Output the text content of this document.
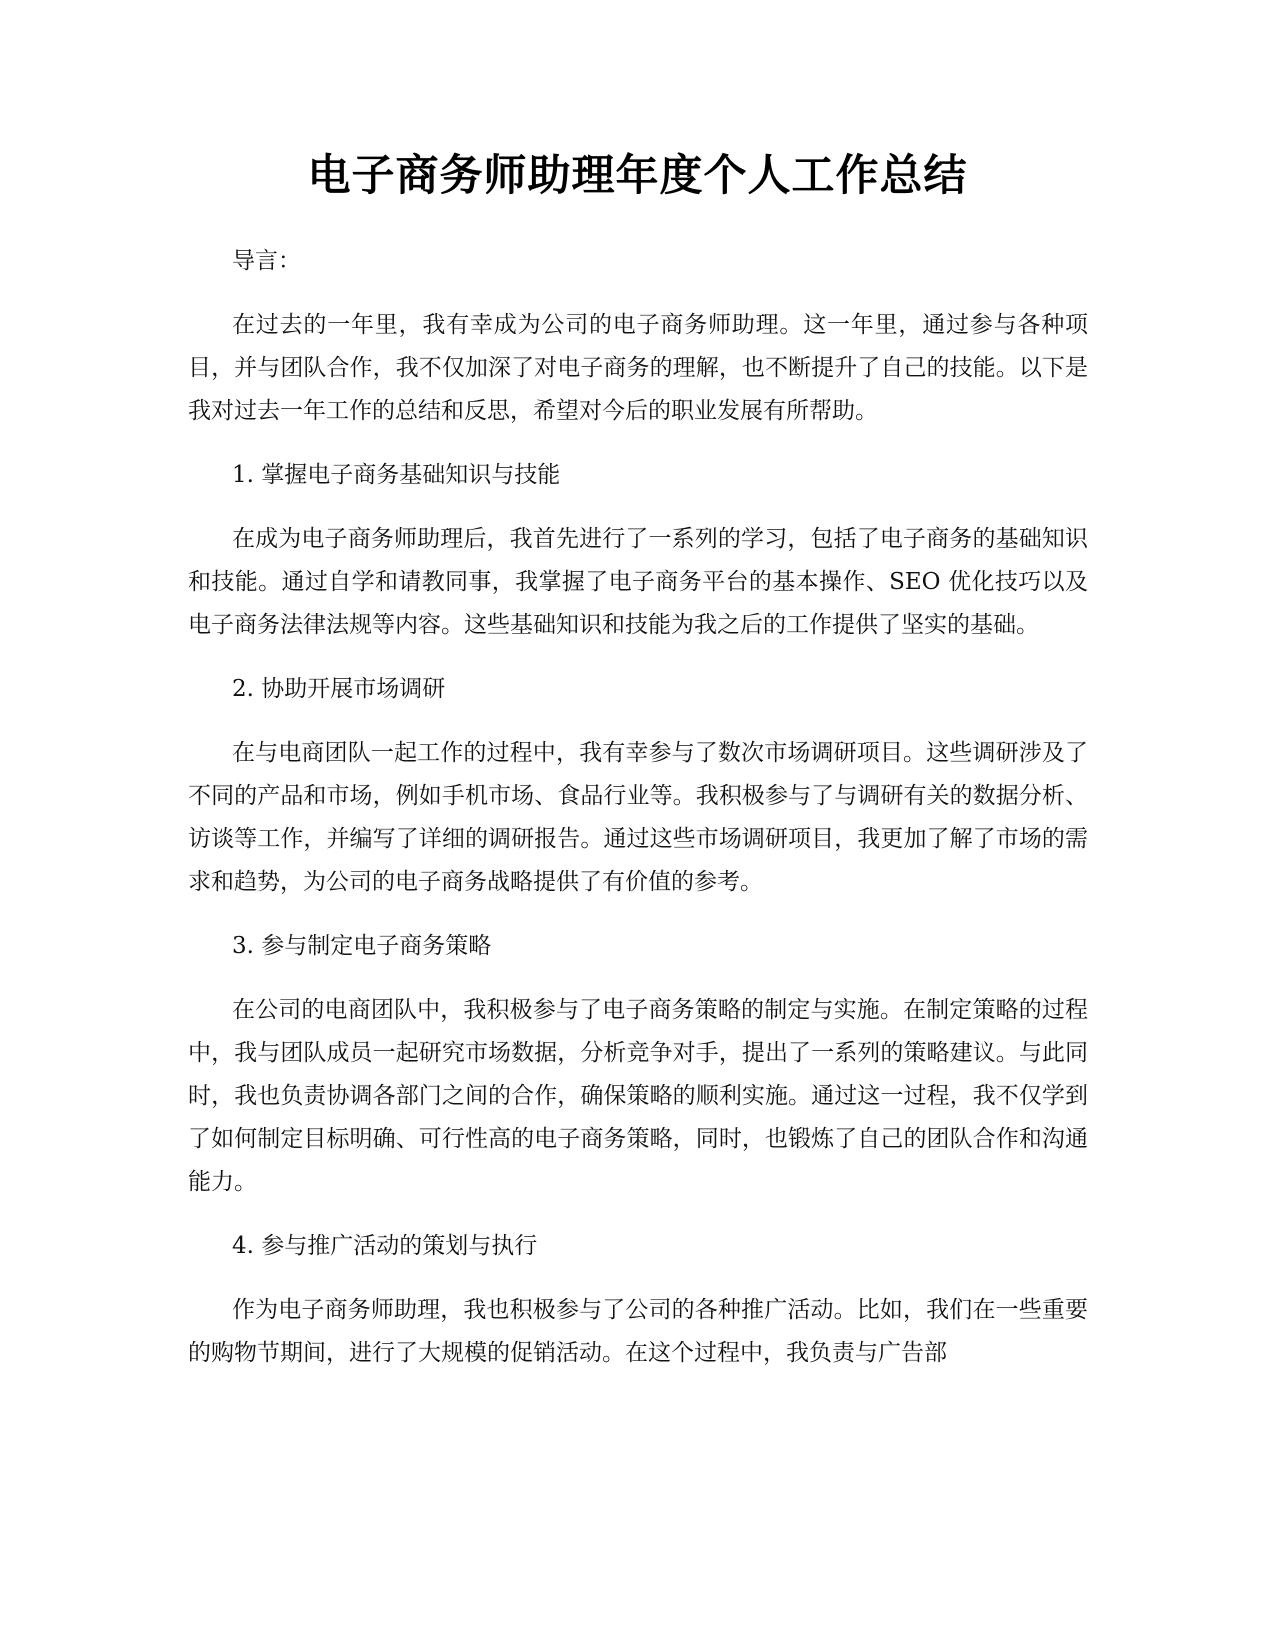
电子商务师助理年度个人工作总结

导言：

在过去的一年里，我有幸成为公司的电子商务师助理。这一年里，通过参与各种项目，并与团队合作，我不仅加深了对电子商务的理解，也不断提升了自己的技能。以下是我对过去一年工作的总结和反思，希望对今后的职业发展有所帮助。

1. 掌握电子商务基础知识与技能

在成为电子商务师助理后，我首先进行了一系列的学习，包括了电子商务的基础知识和技能。通过自学和请教同事，我掌握了电子商务平台的基本操作、SEO 优化技巧以及电子商务法律法规等内容。这些基础知识和技能为我之后的工作提供了坚实的基础。

2. 协助开展市场调研

在与电商团队一起工作的过程中，我有幸参与了数次市场调研项目。这些调研涉及了不同的产品和市场，例如手机市场、食品行业等。我积极参与了与调研有关的数据分析、访谈等工作，并编写了详细的调研报告。通过这些市场调研项目，我更加了解了市场的需求和趋势，为公司的电子商务战略提供了有价值的参考。

3. 参与制定电子商务策略

在公司的电商团队中，我积极参与了电子商务策略的制定与实施。在制定策略的过程中，我与团队成员一起研究市场数据，分析竞争对手，提出了一系列的策略建议。与此同时，我也负责协调各部门之间的合作，确保策略的顺利实施。通过这一过程，我不仅学到了如何制定目标明确、可行性高的电子商务策略，同时，也锻炼了自己的团队合作和沟通能力。

4. 参与推广活动的策划与执行

作为电子商务师助理，我也积极参与了公司的各种推广活动。比如，我们在一些重要的购物节期间，进行了大规模的促销活动。在这个过程中，我负责与广告部
